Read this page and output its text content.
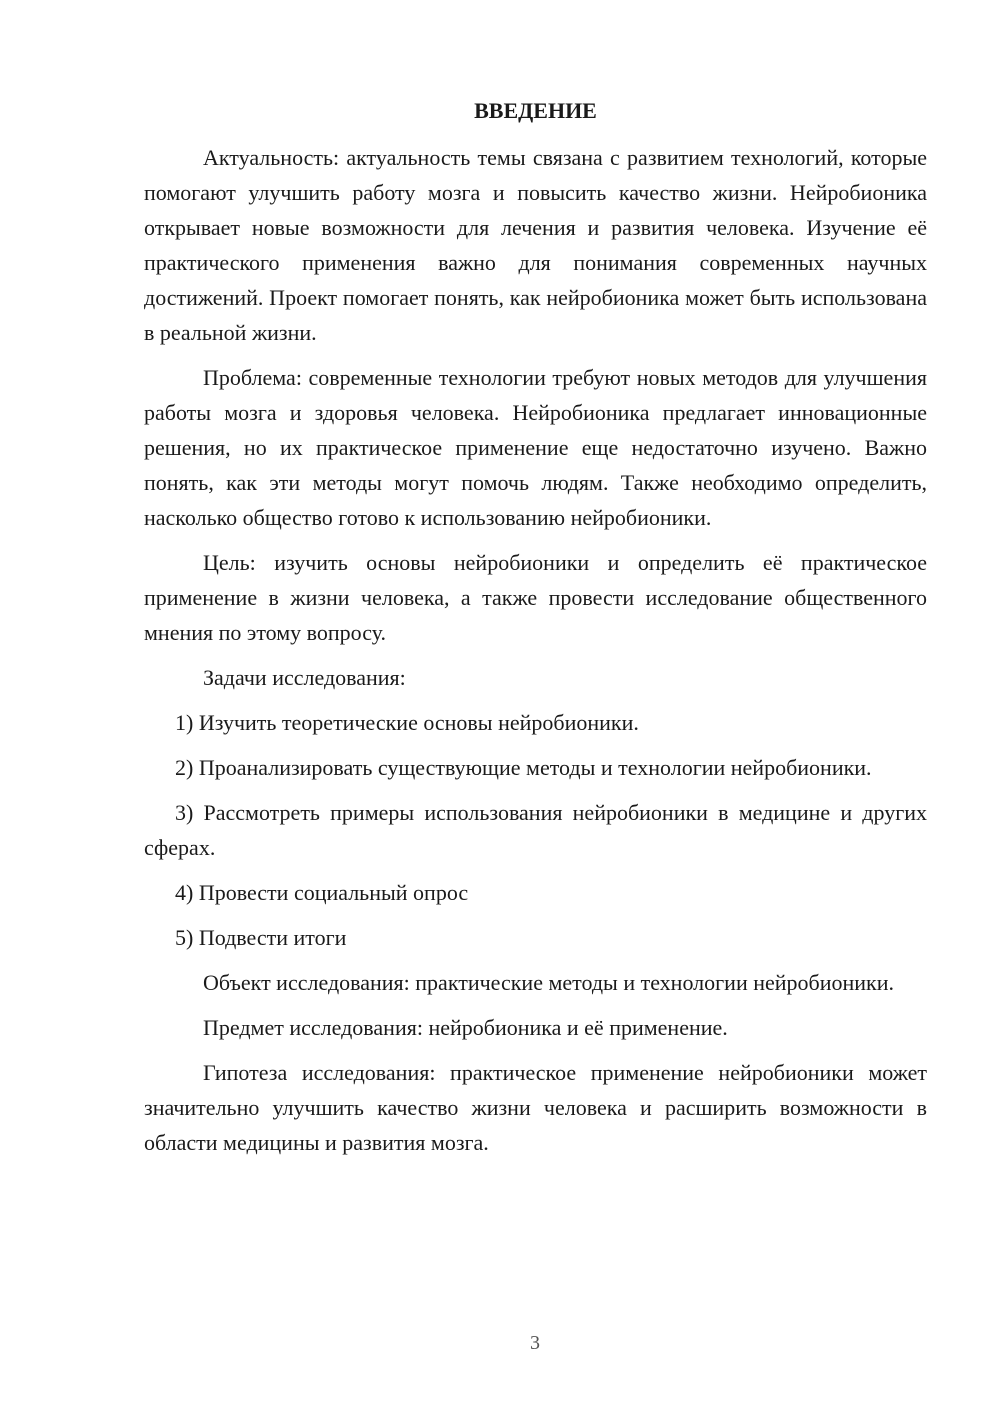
ВВЕДЕНИЕ

Актуальность: актуальность темы связана с развитием технологий, которые помогают улучшить работу мозга и повысить качество жизни. Нейробионика открывает новые возможности для лечения и развития человека. Изучение её практического применения важно для понимания современных научных достижений. Проект помогает понять, как нейробионика может быть использована в реальной жизни.

Проблема: современные технологии требуют новых методов для улучшения работы мозга и здоровья человека. Нейробионика предлагает инновационные решения, но их практическое применение еще недостаточно изучено. Важно понять, как эти методы могут помочь людям. Также необходимо определить, насколько общество готово к использованию нейробионики.

Цель: изучить основы нейробионики и определить её практическое применение в жизни человека, а также провести исследование общественного мнения по этому вопросу.

Задачи исследования:

1) Изучить теоретические основы нейробионики.

2) Проанализировать существующие методы и технологии нейробионики.

3) Рассмотреть примеры использования нейробионики в медицине и других сферах.

4) Провести социальный опрос

5) Подвести итоги

Объект исследования: практические методы и технологии нейробионики.

Предмет исследования: нейробионика и её применение.

Гипотеза исследования: практическое применение нейробионики может значительно улучшить качество жизни человека и расширить возможности в области медицины и развития мозга.

3
